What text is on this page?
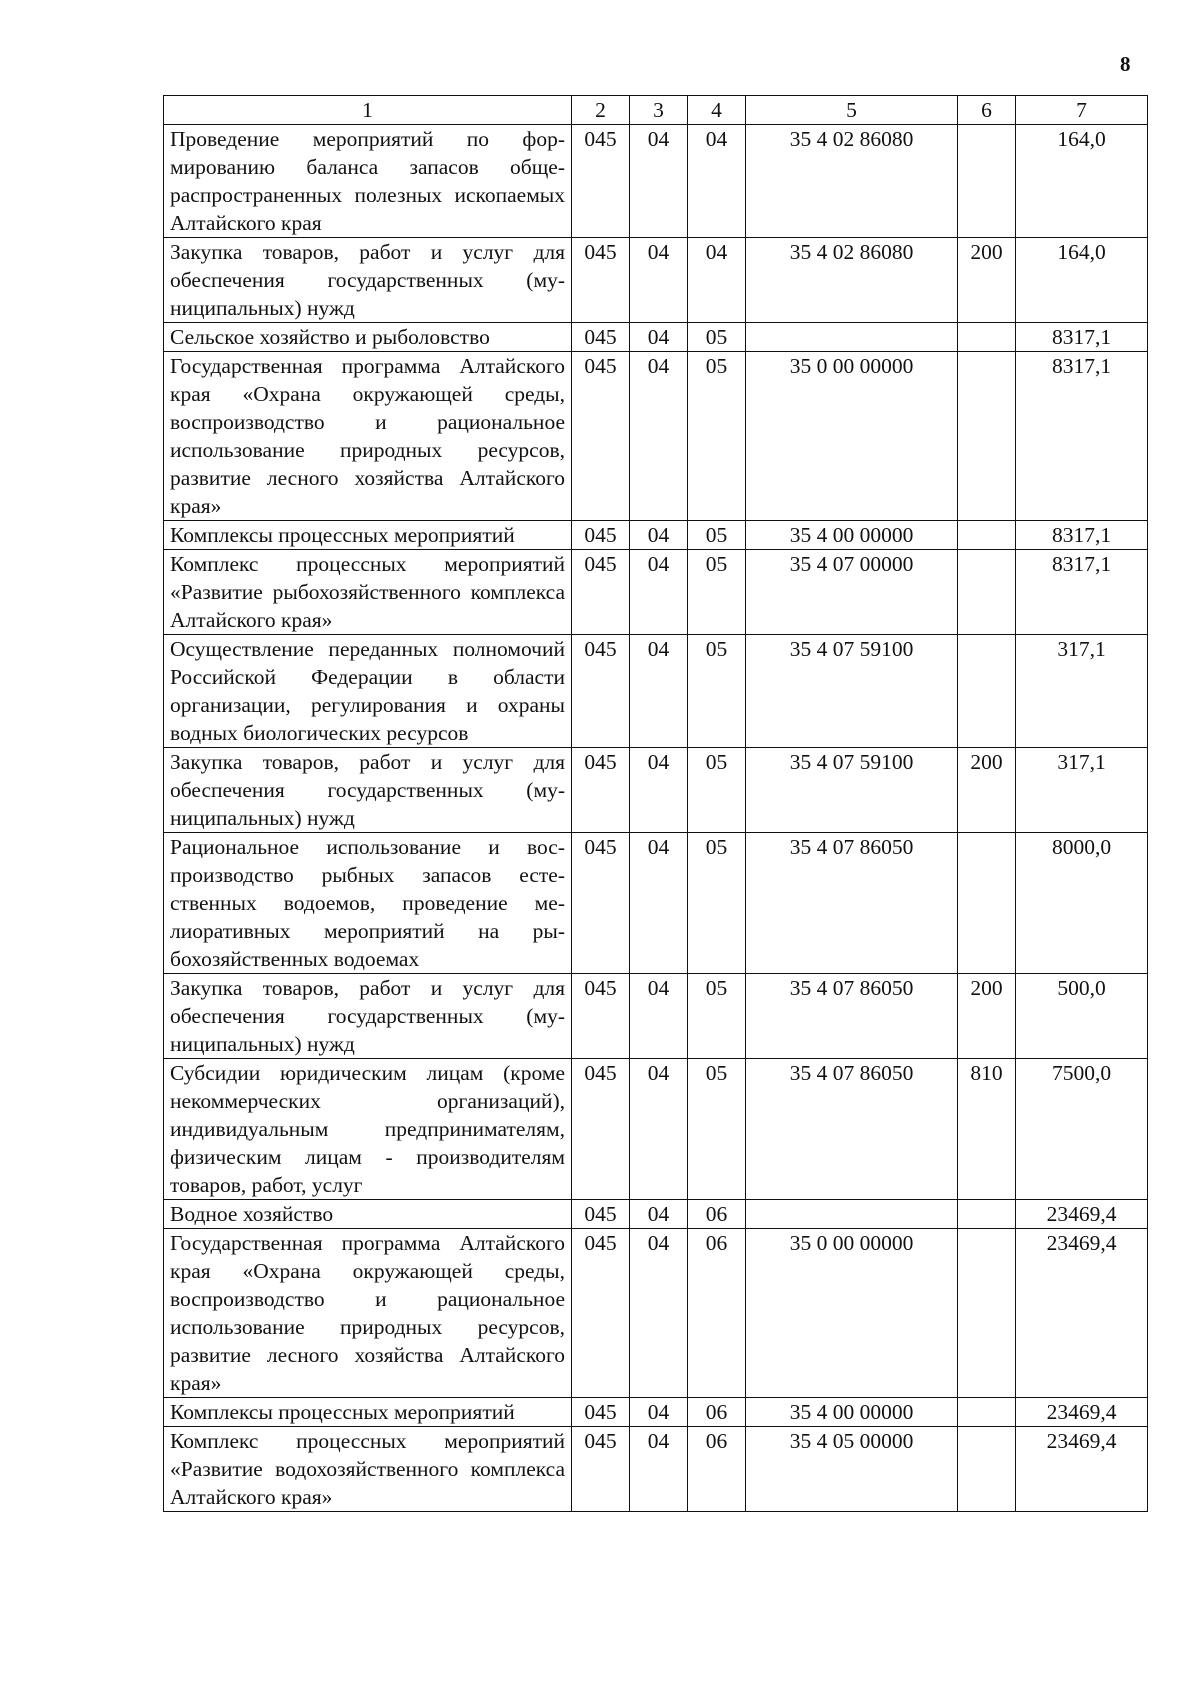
8
1	2	3	4	5	6	7
Проведение мероприятий по формированию баланса запасов общераспространенных полезных ископаемых Алтайского края	045	04	04	35 4 02 86080		164,0
Закупка товаров, работ и услуг для обеспечения государственных (муниципальных) нужд	045	04	04	35 4 02 86080	200	164,0
Сельское хозяйство и рыболовство	045	04	05			8317,1
Государственная программа Алтайского края «Охрана окружающей среды, воспроизводство и рациональное использование природных ресурсов, развитие лесного хозяйства Алтайского края»	045	04	05	35 0 00 00000		8317,1
Комплексы процессных мероприятий	045	04	05	35 4 00 00000		8317,1
Комплекс процессных мероприятий «Развитие рыбохозяйственного комплекса Алтайского края»	045	04	05	35 4 07 00000		8317,1
Осуществление переданных полномочий Российской Федерации в области организации, регулирования и охраны водных биологических ресурсов	045	04	05	35 4 07 59100		317,1
Закупка товаров, работ и услуг для обеспечения государственных (муниципальных) нужд	045	04	05	35 4 07 59100	200	317,1
Рациональное использование и воспроизводство рыбных запасов естественных водоемов, проведение мелиоративных мероприятий на рыбохозяйственных водоемах	045	04	05	35 4 07 86050		8000,0
Закупка товаров, работ и услуг для обеспечения государственных (муниципальных) нужд	045	04	05	35 4 07 86050	200	500,0
Субсидии юридическим лицам (кроме некоммерческих организаций), индивидуальным предпринимателям, физическим лицам - производителям товаров, работ, услуг	045	04	05	35 4 07 86050	810	7500,0
Водное хозяйство	045	04	06			23469,4
Государственная программа Алтайского края «Охрана окружающей среды, воспроизводство и рациональное использование природных ресурсов, развитие лесного хозяйства Алтайского края»	045	04	06	35 0 00 00000		23469,4
Комплексы процессных мероприятий	045	04	06	35 4 00 00000		23469,4
Комплекс процессных мероприятий «Развитие водохозяйственного комплекса Алтайского края»	045	04	06	35 4 05 00000		23469,4
